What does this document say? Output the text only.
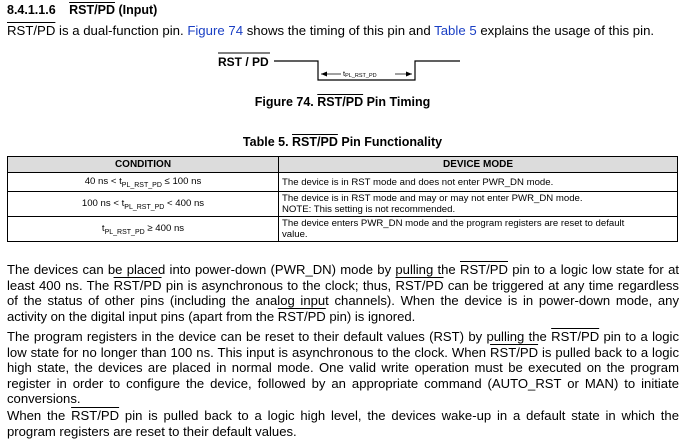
8.4.1.1.6 RST/PD (Input)
RST/PD is a dual-function pin. Figure 74 shows the timing of this pin and Table 5 explains the usage of this pin.
RST / PD
tPL_RST_PD
Figure 74. RST/PD Pin Timing
Table 5. RST/PD Pin Functionality
CONDITION	DEVICE MODE
40 ns < $t_{PL\_RST\_PD} \le 100$ ns	The device is in RST mode and does not enter PWR_DN mode.
100 ns < $t_{PL\_RST\_PD} < 400$ ns	The device is in RST mode and may or may not enter PWR_DN mode.
NOTE: This setting is not recommended.
$t_{PL\_RST\_PD} \ge 400$ ns	The device enters PWR_DN mode and the program registers are reset to default
value.
The devices can be placed into power-down (PWR_DN) mode by pulling the RST/PD pin to a logic low state for at least 400 ns. The RST/PD pin is asynchronous to the clock; thus, RST/PD can be triggered at any time regardless of the status of other pins (including the analog input channels). When the device is in power-down mode, any activity on the digital input pins (apart from the RST/PD pin) is ignored.
The program registers in the device can be reset to their default values (RST) by pulling the RST/PD pin to a logic low state for no longer than 100 ns. This input is asynchronous to the clock. When RST/PD is pulled back to a logic high state, the devices are placed in normal mode. One valid write operation must be executed on the program register in order to configure the device, followed by an appropriate command (AUTO_RST or MAN) to initiate conversions.
When the RST/PD pin is pulled back to a logic high level, the devices wake-up in a default state in which the program registers are reset to their default values.
